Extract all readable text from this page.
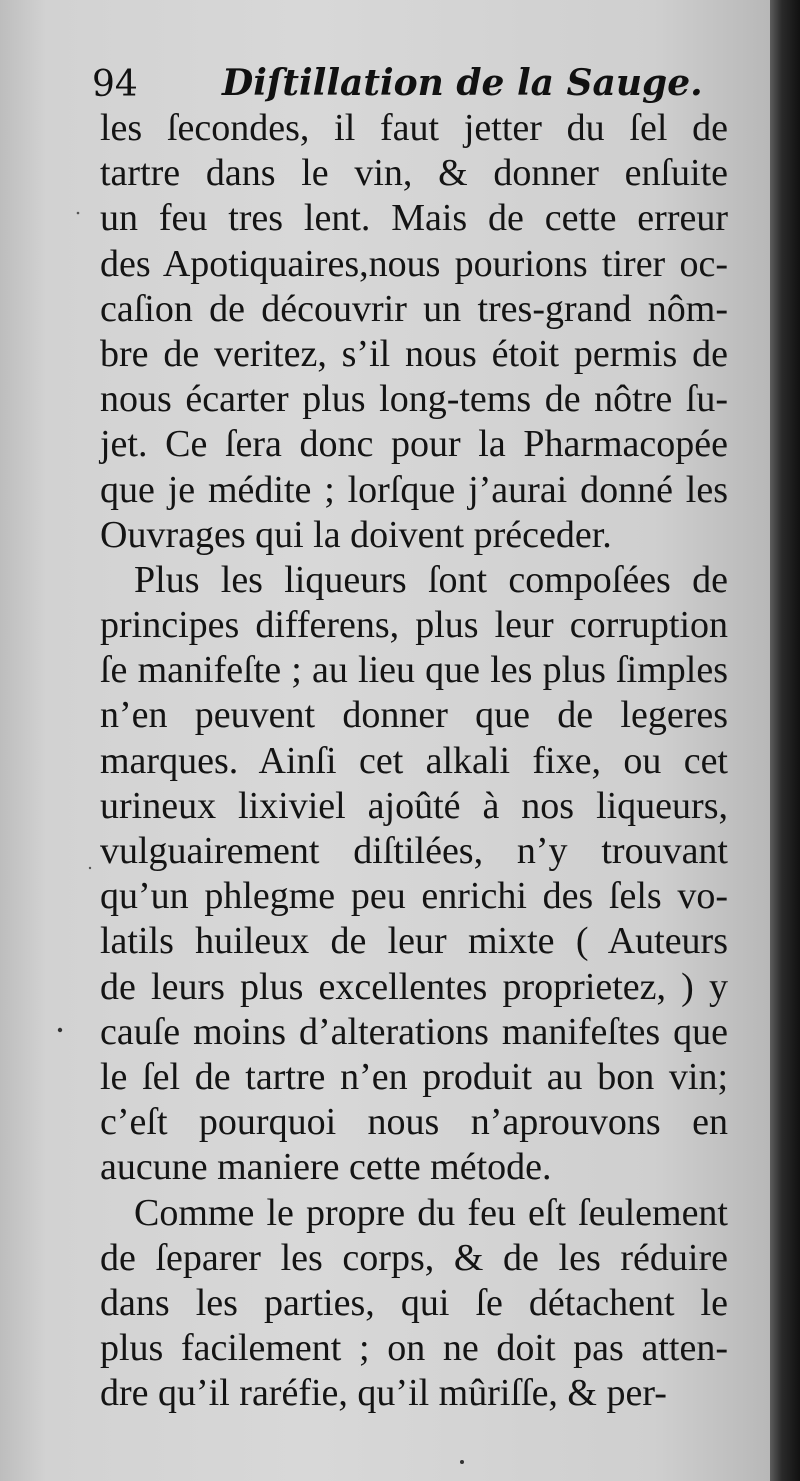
94 Diſtillation de la Sauge.
les ſecondes, il faut jetter du ſel de
tartre dans le vin, & donner enſuite
un feu tres lent. Mais de cette erreur
des Apotiquaires,nous pourions tirer oc-
caſion de découvrir un tres-grand nôm-
bre de veritez, s’il nous étoit permis de
nous écarter plus long-tems de nôtre ſu-
jet. Ce ſera donc pour la Pharmacopée
que je médite ; lorſque j’aurai donné les
Ouvrages qui la doivent préceder.
Plus les liqueurs ſont compoſées de
principes differens, plus leur corruption
ſe manifeſte ; au lieu que les plus ſimples
n’en peuvent donner que de legeres
marques. Ainſi cet alkali fixe, ou cet
urineux lixiviel ajoûté à nos liqueurs,
vulguairement diſtilées, n’y trouvant
qu’un phlegme peu enrichi des ſels vo-
latils huileux de leur mixte ( Auteurs
de leurs plus excellentes proprietez, ) y
cauſe moins d’alterations manifeſtes que
le ſel de tartre n’en produit au bon vin;
c’eſt pourquoi nous n’aprouvons en
aucune maniere cette métode.
Comme le propre du feu eſt ſeulement
de ſeparer les corps, & de les réduire
dans les parties, qui ſe détachent le
plus facilement ; on ne doit pas atten-
dre qu’il raréfie, qu’il mûriſſe, & per-
